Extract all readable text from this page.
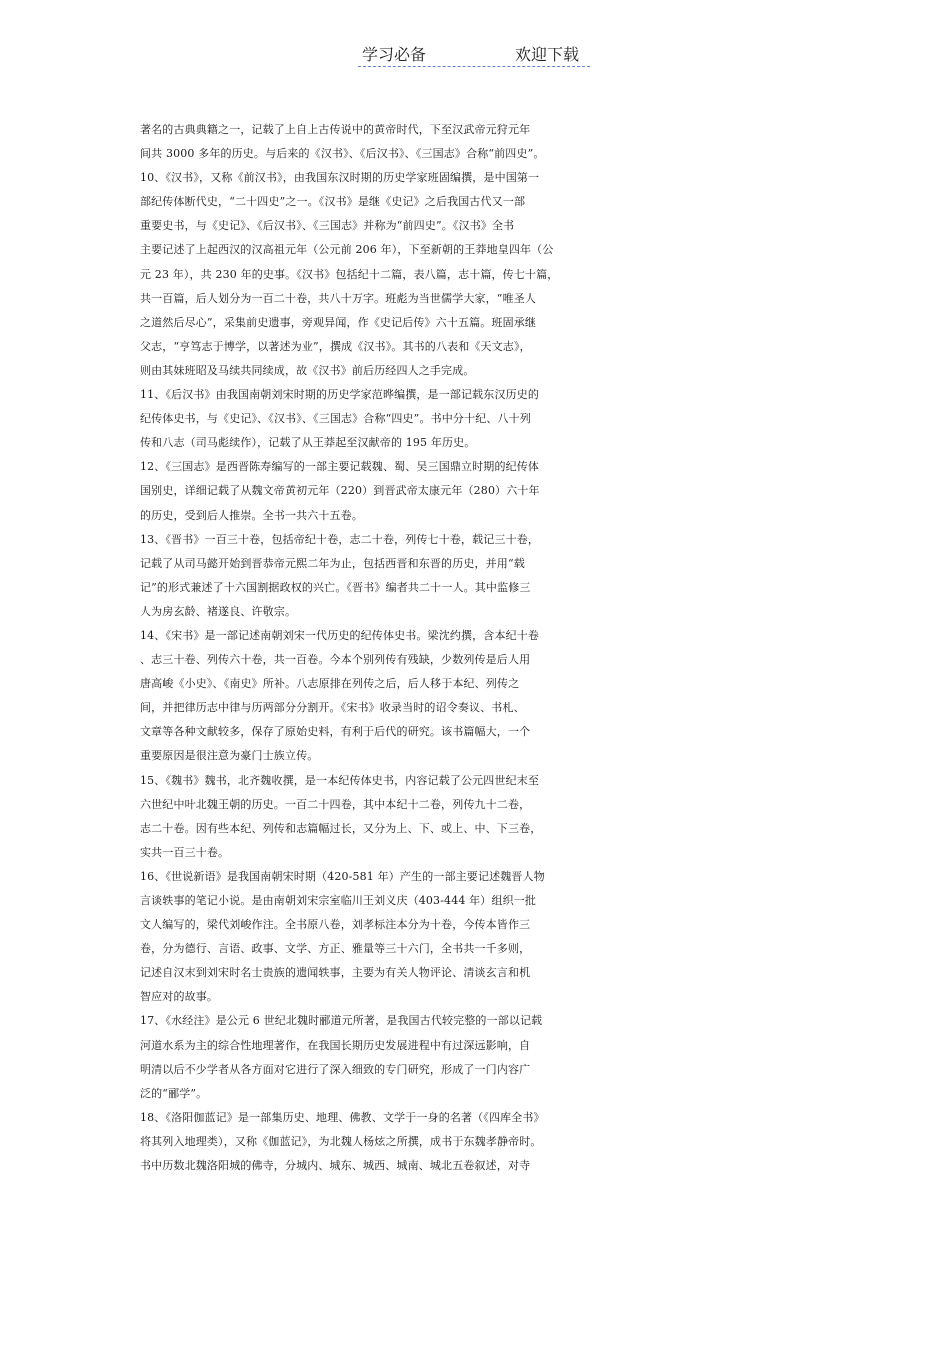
学习必备	欢迎下载
著名的古典典籍之一，记载了上自上古传说中的黄帝时代，下至汉武帝元狩元年
间共 3000 多年的历史。与后来的《汉书》、《后汉书》、《三国志》合称“前四史”。
10、《汉书》，又称《前汉书》，由我国东汉时期的历史学家班固编撰，是中国第一
部纪传体断代史，“二十四史”之一。《汉书》是继《史记》之后我国古代又一部
重要史书，与《史记》、《后汉书》、《三国志》并称为“前四史”。《汉书》全书
主要记述了上起西汉的汉高祖元年（公元前 206 年），下至新朝的王莽地皇四年（公
元 23 年），共 230 年的史事。《汉书》包括纪十二篇，表八篇，志十篇，传七十篇，
共一百篇，后人划分为一百二十卷，共八十万字。班彪为当世儒学大家，“唯圣人
之道然后尽心”，采集前史遗事，旁观异闻，作《史记后传》六十五篇。班固承继
父志，“亨笃志于博学，以著述为业”，撰成《汉书》。其书的八表和《天文志》，
则由其妹班昭及马续共同续成，故《汉书》前后历经四人之手完成。
11、《后汉书》由我国南朝刘宋时期的历史学家范晔编撰，是一部记载东汉历史的
纪传体史书，与《史记》、《汉书》、《三国志》合称“四史”。书中分十纪、八十列
传和八志（司马彪续作），记载了从王莽起至汉献帝的 195 年历史。
12、《三国志》是西晋陈寿编写的一部主要记载魏、蜀、吴三国鼎立时期的纪传体
国别史，详细记载了从魏文帝黄初元年（220）到晋武帝太康元年（280）六十年
的历史，受到后人推崇。全书一共六十五卷。
13、《晋书》一百三十卷，包括帝纪十卷，志二十卷，列传七十卷，载记三十卷，
记载了从司马懿开始到晋恭帝元熙二年为止，包括西晋和东晋的历史，并用“载
记”的形式兼述了十六国割据政权的兴亡。《晋书》编者共二十一人。其中监修三
人为房玄龄、褚遂良、许敬宗。
14、《宋书》是一部记述南朝刘宋一代历史的纪传体史书。梁沈约撰，含本纪十卷
、志三十卷、列传六十卷，共一百卷。今本个别列传有残缺，少数列传是后人用
唐高峻《小史》、《南史》所补。八志原排在列传之后，后人移于本纪、列传之
间，并把律历志中律与历两部分分割开。《宋书》收录当时的诏令奏议、书札、
文章等各种文献较多，保存了原始史料，有利于后代的研究。该书篇幅大，一个
重要原因是很注意为豪门士族立传。
15、《魏书》魏书，北齐魏收撰，是一本纪传体史书，内容记载了公元四世纪末至
六世纪中叶北魏王朝的历史。一百二十四卷，其中本纪十二卷，列传九十二卷，
志二十卷。因有些本纪、列传和志篇幅过长，又分为上、下、或上、中、下三卷，
实共一百三十卷。
16、《世说新语》是我国南朝宋时期（420-581 年）产生的一部主要记述魏晋人物
言谈轶事的笔记小说。是由南朝刘宋宗室临川王刘义庆（403-444 年）组织一批
文人编写的，梁代刘峻作注。全书原八卷，刘孝标注本分为十卷，今传本皆作三
卷，分为德行、言语、政事、文学、方正、雅量等三十六门，全书共一千多则，
记述自汉末到刘宋时名士贵族的遗闻轶事，主要为有关人物评论、清谈玄言和机
智应对的故事。
17、《水经注》是公元 6 世纪北魏时郦道元所著，是我国古代较完整的一部以记载
河道水系为主的综合性地理著作，在我国长期历史发展进程中有过深远影响，自
明清以后不少学者从各方面对它进行了深入细致的专门研究，形成了一门内容广
泛的“郦学”。
18、《洛阳伽蓝记》是一部集历史、地理、佛教、文学于一身的名著（《四库全书》
将其列入地理类），又称《伽蓝记》，为北魏人杨炫之所撰，成书于东魏孝静帝时。
书中历数北魏洛阳城的佛寺，分城内、城东、城西、城南、城北五卷叙述，对寺
